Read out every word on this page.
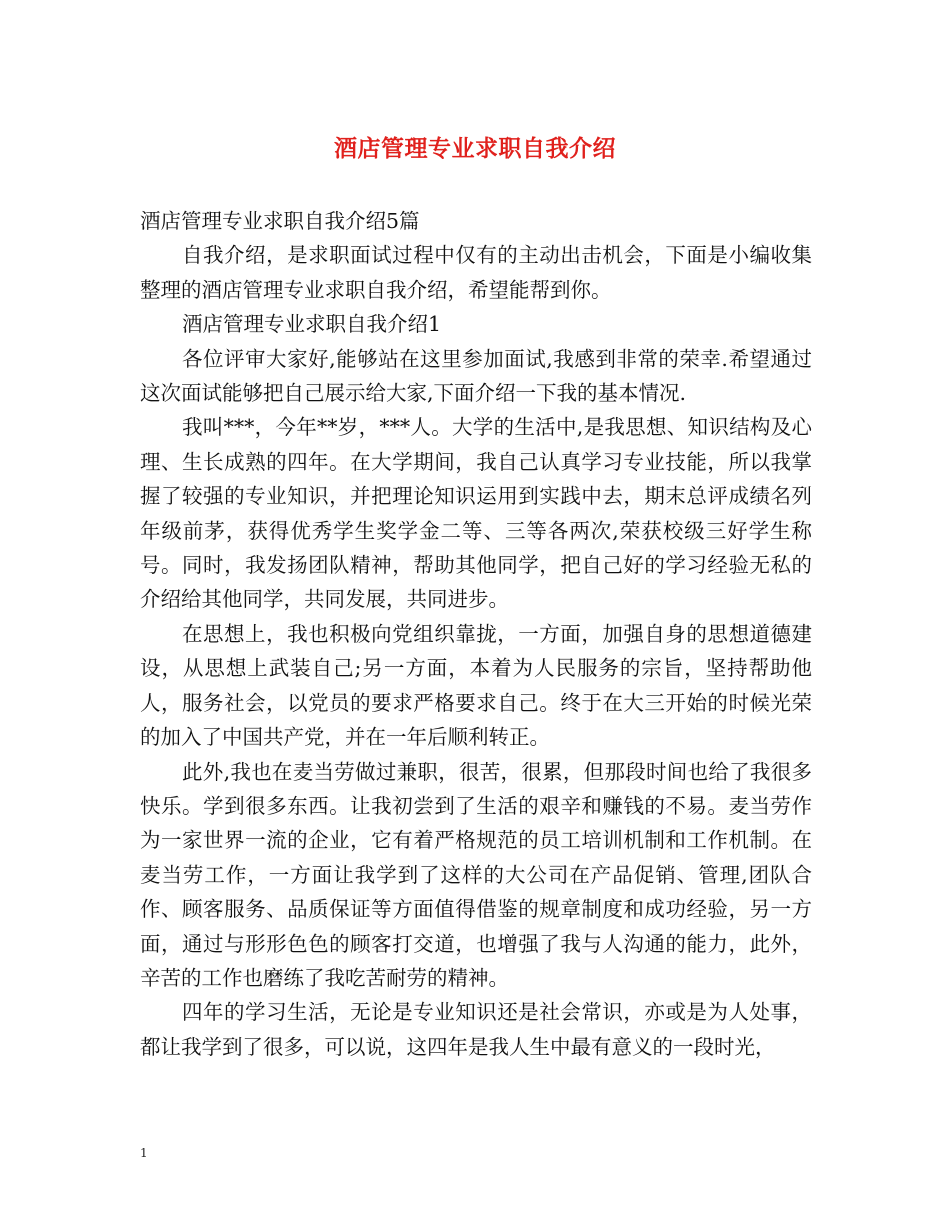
酒店管理专业求职自我介绍

酒店管理专业求职自我介绍5篇

自我介绍，是求职面试过程中仅有的主动出击机会，下面是小编收集整理的酒店管理专业求职自我介绍，希望能帮到你。

酒店管理专业求职自我介绍1

各位评审大家好,能够站在这里参加面试,我感到非常的荣幸.希望通过这次面试能够把自己展示给大家,下面介绍一下我的基本情况.

我叫***，今年**岁，***人。大学的生活中,是我思想、知识结构及心理、生长成熟的四年。在大学期间，我自己认真学习专业技能，所以我掌握了较强的专业知识，并把理论知识运用到实践中去，期末总评成绩名列年级前茅，获得优秀学生奖学金二等、三等各两次,荣获校级三好学生称号。同时，我发扬团队精神，帮助其他同学，把自己好的学习经验无私的介绍给其他同学，共同发展，共同进步。

在思想上，我也积极向党组织靠拢，一方面，加强自身的思想道德建设，从思想上武装自己;另一方面，本着为人民服务的宗旨，坚持帮助他人，服务社会，以党员的要求严格要求自己。终于在大三开始的时候光荣的加入了中国共产党，并在一年后顺利转正。

此外,我也在麦当劳做过兼职，很苦，很累，但那段时间也给了我很多快乐。学到很多东西。让我初尝到了生活的艰辛和赚钱的不易。麦当劳作为一家世界一流的企业，它有着严格规范的员工培训机制和工作机制。在麦当劳工作，一方面让我学到了这样的大公司在产品促销、管理,团队合作、顾客服务、品质保证等方面值得借鉴的规章制度和成功经验，另一方面，通过与形形色色的顾客打交道，也增强了我与人沟通的能力，此外，辛苦的工作也磨练了我吃苦耐劳的精神。

四年的学习生活，无论是专业知识还是社会常识，亦或是为人处事，都让我学到了很多，可以说，这四年是我人生中最有意义的一段时光，

1
